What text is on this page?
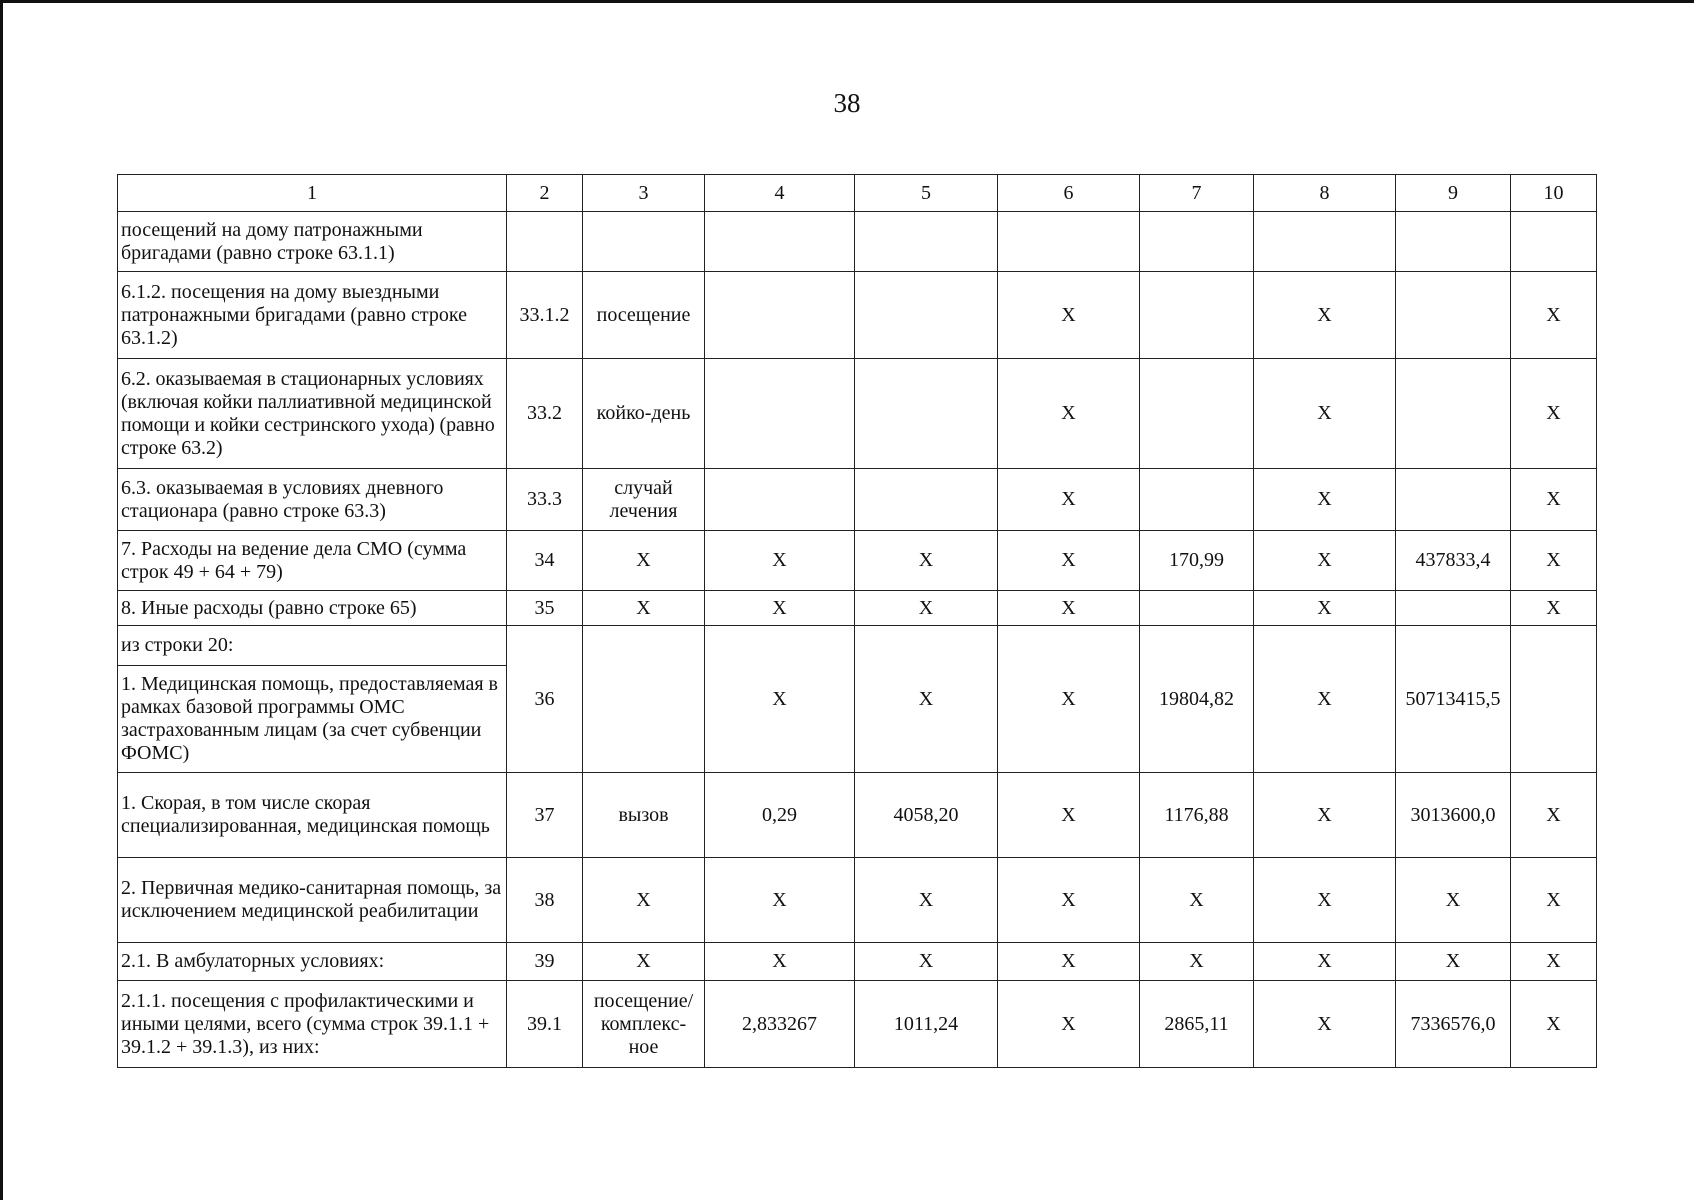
38
1	2	3	4	5	6	7	8	9	10
посещений на дому патронажными бригадами (равно строке 63.1.1)									
6.1.2. посещения на дому выездными патронажными бригадами (равно строке 63.1.2)	33.1.2	посещение			X		X		X
6.2. оказываемая в стационарных условиях (включая койки паллиативной медицинской помощи и койки сестринского ухода) (равно строке 63.2)	33.2	койко-день			X		X		X
6.3. оказываемая в условиях дневного стационара (равно строке 63.3)	33.3	случай лечения			X		X		X
7. Расходы на ведение дела СМО (сумма строк 49 + 64 + 79)	34	X	X	X	X	170,99	X	437833,4	X
8. Иные расходы (равно строке 65)	35	X	X	X	X		X		X
из строки 20:	36		X	X	X	19804,82	X	50713415,5	
1. Медицинская помощь, предоставляемая в рамках базовой программы ОМС застрахованным лицам (за счет субвенции ФОМС)									
1. Скорая, в том числе скорая специализированная, медицинская помощь	37	вызов	0,29	4058,20	X	1176,88	X	3013600,0	X
2. Первичная медико-санитарная помощь, за исключением медицинской реабилитации	38	X	X	X	X	X	X	X	X
2.1. В амбулаторных условиях:	39	X	X	X	X	X	X	X	X
2.1.1. посещения с профилактическими и иными целями, всего (сумма строк 39.1.1 + 39.1.2 + 39.1.3), из них:	39.1	посещение/ комплекс-ное	2,833267	1011,24	X	2865,11	X	7336576,0	X
